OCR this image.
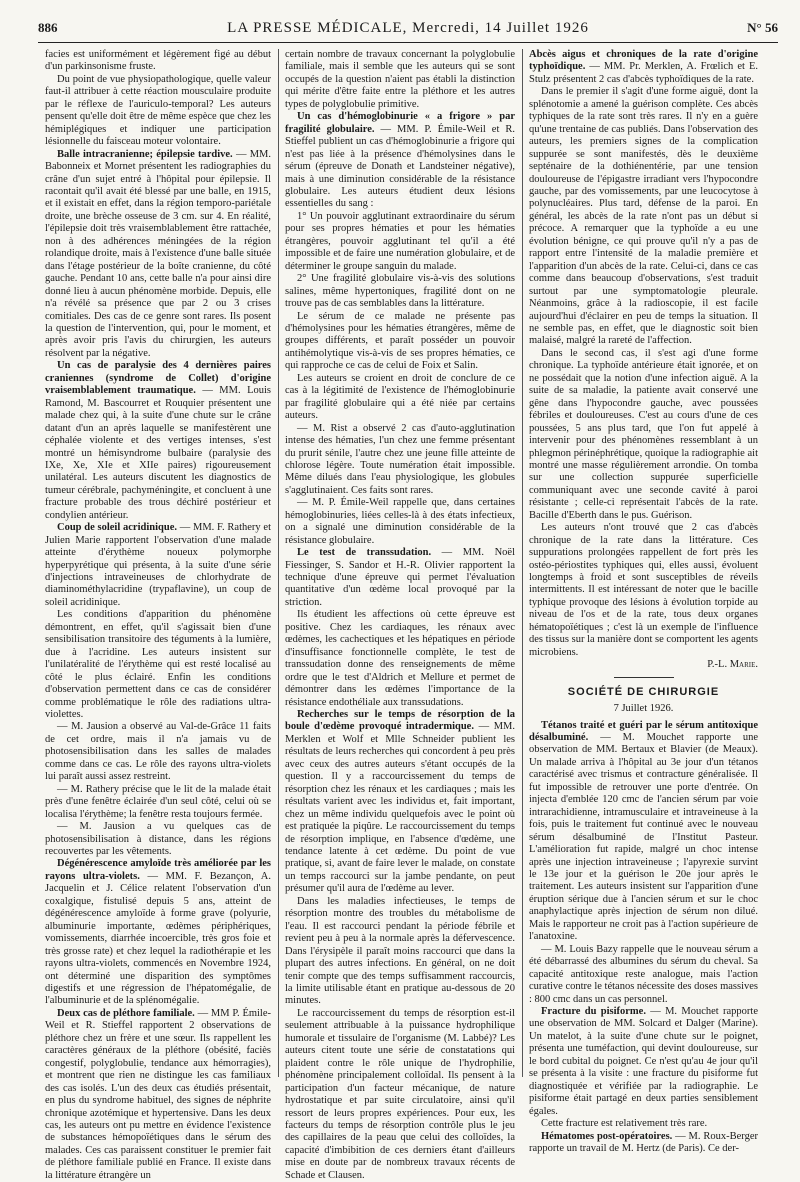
886	LA PRESSE MÉDICALE, Mercredi, 14 Juillet 1926	N° 56

facies est uniformément et légèrement figé au début d'un parkinsonisme fruste.

Du point de vue physiopathologique, quelle valeur faut-il attribuer à cette réaction mousculaire produite par le réflexe de l'auriculo-temporal? Les auteurs pensent qu'elle doit être de même espèce que chez les hémiplégiques et indiquer une participation lésionnelle du faisceau moteur volontaire.

Balle intracranienne; épilepsie tardive. — MM. Babonneix et Mornet présentent les radiographies du crâne d'un sujet entré à l'hôpital pour épilepsie. Il racontait qu'il avait été blessé par une balle, en 1915, et il existait en effet, dans la région temporo-pariétale droite, une brèche osseuse de 3 cm. sur 4. En réalité, l'épilepsie doit très vraisemblablement être rattachée, non à des adhérences méningées de la région rolandique droite, mais à l'existence d'une balle située dans l'étage postérieur de la boîte cranienne, du côté gauche. Pendant 10 ans, cette balle n'a pour ainsi dire donné lieu à aucun phénomène morbide. Depuis, elle n'a révélé sa présence que par 2 ou 3 crises comitiales. Des cas de ce genre sont rares. Ils posent la question de l'intervention, qui, pour le moment, et après avoir pris l'avis du chirurgien, les auteurs résolvent par la négative.

Un cas de paralysie des 4 dernières paires craniennes (syndrome de Collet) d'origine vraisemblablement traumatique. — MM. Louis Ramond, M. Bascourret et Rouquier présentent une malade chez qui, à la suite d'une chute sur le crâne datant d'un an après laquelle se manifestèrent une céphalée violente et des vertiges intenses, s'est montré un hémisyndrome bulbaire (paralysie des IXe, Xe, XIe et XIIe paires) rigoureusement unilatéral. Les auteurs discutent les diagnostics de tumeur cérébrale, pachyméningite, et concluent à une fracture probable des trous déchiré postérieur et condylien antérieur.

Coup de soleil acridinique. — MM. F. Rathery et Julien Marie rapportent l'observation d'une malade atteinte d'érythème noueux polymorphe hyperpyrétique qui présenta, à la suite d'une série d'injections intraveineuses de chlorhydrate de diaminométhylacridine (trypaflavine), un coup de soleil acridinique.

Les conditions d'apparition du phénomène démontrent, en effet, qu'il s'agissait bien d'une sensibilisation transitoire des téguments à la lumière, due à l'acridine. Les auteurs insistent sur l'unilatéralité de l'érythème qui est resté localisé au côté le plus éclairé. Enfin les conditions d'observation permettent dans ce cas de considérer comme problématique le rôle des radiations ultra-violettes.

— M. Jausion a observé au Val-de-Grâce 11 faits de cet ordre, mais il n'a jamais vu de photosensibilisation dans les salles de malades comme dans ce cas. Le rôle des rayons ultra-violets lui paraît aussi assez restreint.

— M. Rathery précise que le lit de la malade était près d'une fenêtre éclairée d'un seul côté, celui où se localisa l'érythème; la fenêtre resta toujours fermée.

— M. Jausion a vu quelques cas de photosensibilisation à distance, dans les régions recouvertes par les vêtements.

Dégénérescence amyloïde très améliorée par les rayons ultra-violets. — MM. F. Bezançon, A. Jacquelin et J. Célice relatent l'observation d'un coxalgique, fistulisé depuis 5 ans, atteint de dégénérescence amyloïde à forme grave (polyurie, albuminurie importante, œdèmes périphériques, vomissements, diarrhée incoercible, très gros foie et très grosse rate) et chez lequel la radiothérapie et les rayons ultra-violets, commencés en Novembre 1924, ont déterminé une disparition des symptômes digestifs et une régression de l'hépatomégalie, de l'albuminurie et de la splénomégalie.

Deux cas de pléthore familiale. — MM P. Émile-Weil et R. Stieffel rapportent 2 observations de pléthore chez un frère et une sœur. Ils rappellent les caractères généraux de la pléthore (obésité, faciès congestif, polyglobulie, tendance aux hémorragies), et montrent que rien ne distingue les cas familiaux des cas isolés. L'un des deux cas étudiés présentait, en plus du syndrome habituel, des signes de néphrite chronique azotémique et hypertensive. Dans les deux cas, les auteurs ont pu mettre en évidence l'existence de substances hémopoïétiques dans le sérum des malades. Ces cas paraissent constituer le premier fait de pléthore familiale publié en France. Il existe dans la littérature étrangère un

certain nombre de travaux concernant la polyglobulie familiale, mais il semble que les auteurs qui se sont occupés de la question n'aient pas établi la distinction qui mérite d'être faite entre la pléthore et les autres types de polyglobulie primitive.

Un cas d'hémoglobinurie « a frigore » par fragilité globulaire. — MM. P. Émile-Weil et R. Stieffel publient un cas d'hémoglobinurie a frigore qui n'est pas liée à la présence d'hémolysines dans le sérum (épreuve de Donath et Landsteiner négative), mais à une diminution considérable de la résistance globulaire. Les auteurs étudient deux lésions essentielles du sang :

1° Un pouvoir agglutinant extraordinaire du sérum pour ses propres hématies et pour les hématies étrangères, pouvoir agglutinant tel qu'il a été impossible et de faire une numération globulaire, et de déterminer le groupe sanguin du malade.

2° Une fragilité globulaire vis-à-vis des solutions salines, même hypertoniques, fragilité dont on ne trouve pas de cas semblables dans la littérature.

Le sérum de ce malade ne présente pas d'hémolysines pour les hématies étrangères, même de groupes différents, et paraît posséder un pouvoir antihémolytique vis-à-vis de ses propres hématies, ce qui rapproche ce cas de celui de Foix et Salin.

Les auteurs se croient en droit de conclure de ce cas à la légitimité de l'existence de l'hémoglobinurie par fragilité globulaire qui a été niée par certains auteurs.

— M. Rist a observé 2 cas d'auto-agglutination intense des hématies, l'un chez une femme présentant du prurit sénile, l'autre chez une jeune fille atteinte de chlorose légère. Toute numération était impossible. Même dilués dans l'eau physiologique, les globules s'agglutinaient. Ces faits sont rares.

— M. P. Émile-Weil rappelle que, dans certaines hémoglobinuries, liées celles-là à des états infectieux, on a signalé une diminution considérable de la résistance globulaire.

Le test de transsudation. — MM. Noël Fiessinger, S. Sandor et H.-R. Olivier rapportent la technique d'une épreuve qui permet l'évaluation quantitative d'un œdème local provoqué par la striction.

Ils étudient les affections où cette épreuve est positive. Chez les cardiaques, les rénaux avec œdèmes, les cachectiques et les hépatiques en période d'insuffisance fonctionnelle complète, le test de transsudation donne des renseignements de même ordre que le test d'Aldrich et Mellure et permet de démontrer dans les œdèmes l'importance de la résistance endothéliale aux transsudations.

Recherches sur le temps de résorption de la boule d'œdème provoqué intradermique. — MM. Merklen et Wolf et Mlle Schneider publient les résultats de leurs recherches qui concordent à peu près avec ceux des autres auteurs s'étant occupés de la question. Il y a raccourcissement du temps de résorption chez les rénaux et les cardiaques ; mais les résultats varient avec les individus et, fait important, chez un même individu quelquefois avec le point où est pratiquée la piqûre. Le raccourcissement du temps de résorption implique, en l'absence d'œdème, une tendance latente à cet œdème. Du point de vue pratique, si, avant de faire lever le malade, on constate un temps raccourci sur la jambe pendante, on peut présumer qu'il aura de l'œdème au lever.

Dans les maladies infectieuses, le temps de résorption montre des troubles du métabolisme de l'eau. Il est raccourci pendant la période fébrile et revient peu à peu à la normale après la défervescence. Dans l'érysipèle il paraît moins raccourci que dans la plupart des autres infections. En général, on ne doit tenir compte que des temps suffisamment raccourcis, la limite utilisable étant en pratique au-dessous de 20 minutes.

Le raccourcissement du temps de résorption est-il seulement attribuable à la puissance hydrophilique humorale et tissulaire de l'organisme (M. Labbé)? Les auteurs citent toute une série de constatations qui plaident contre le rôle unique de l'hydrophilie, phénomène principalement colloïdal. Ils pensent à la participation d'un facteur mécanique, de nature hydrostatique et par suite circulatoire, ainsi qu'il ressort de leurs propres expériences. Pour eux, les facteurs du temps de résorption contrôle plus le jeu des capillaires de la peau que celui des colloïdes, la capacité d'imbibition de ces derniers étant d'ailleurs mise en doute par de nombreux travaux récents de Schade et Clausen.

Abcès aigus et chroniques de la rate d'origine typhoïdique. — MM. Pr. Merklen, A. Frœlich et E. Stulz présentent 2 cas d'abcès typhoïdiques de la rate.

Dans le premier il s'agit d'une forme aiguë, dont la splénotomie a amené la guérison complète. Ces abcès typhiques de la rate sont très rares. Il n'y en a guère qu'une trentaine de cas publiés. Dans l'observation des auteurs, les premiers signes de la complication suppurée se sont manifestés, dès le deuxième septénaire de la dothiénentérie, par une tension douloureuse de l'épigastre irradiant vers l'hypocondre gauche, par des vomissements, par une leucocytose à polynucléaires. Plus tard, défense de la paroi. En général, les abcès de la rate n'ont pas un début si précoce. A remarquer que la typhoïde a eu une évolution bénigne, ce qui prouve qu'il n'y a pas de rapport entre l'intensité de la maladie première et l'apparition d'un abcès de la rate. Celui-ci, dans ce cas comme dans beaucoup d'observations, s'est traduit surtout par une symptomatologie pleurale. Néanmoins, grâce à la radioscopie, il est facile aujourd'hui d'éclairer en peu de temps la situation. Il ne semble pas, en effet, que le diagnostic soit bien malaisé, malgré la rareté de l'affection.

Dans le second cas, il s'est agi d'une forme chronique. La typhoïde antérieure était ignorée, et on ne possédait que la notion d'une infection aiguë. A la suite de sa maladie, la patiente avait conservé une gêne dans l'hypocondre gauche, avec poussées fébriles et douloureuses. C'est au cours d'une de ces poussées, 5 ans plus tard, que l'on fut appelé à intervenir pour des phénomènes ressemblant à un phlegmon périnéphrétique, quoique la radiographie ait montré une masse régulièrement arrondie. On tomba sur une collection suppurée superficielle communiquant avec une seconde cavité à paroi résistante ; celle-ci représentait l'abcès de la rate. Bacille d'Eberth dans le pus. Guérison.

Les auteurs n'ont trouvé que 2 cas d'abcès chronique de la rate dans la littérature. Ces suppurations prolongées rappellent de fort près les ostéo-périostites typhiques qui, elles aussi, évoluent longtemps à froid et sont susceptibles de réveils intermittents. Il est intéressant de noter que le bacille typhique provoque des lésions à évolution torpide au niveau de l'os et de la rate, tous deux organes hématopoïétiques ; c'est là un exemple de l'influence des tissus sur la manière dont se comportent les agents microbiens.

P.-L. Marie.

SOCIÉTÉ DE CHIRURGIE
7 Juillet 1926.

Tétanos traité et guéri par le sérum antitoxique désalbuminé. — M. Mouchet rapporte une observation de MM. Bertaux et Blavier (de Meaux). Un malade arriva à l'hôpital au 3e jour d'un tétanos caractérisé avec trismus et contracture généralisée. Il fut impossible de retrouver une porte d'entrée. On injecta d'emblée 120 cmc de l'ancien sérum par voie intrarachidienne, intramusculaire et intraveineuse à la fois, puis le traitement fut continué avec le nouveau sérum désalbuminé de l'Institut Pasteur. L'amélioration fut rapide, malgré un choc intense après une injection intraveineuse ; l'apyrexie survint le 13e jour et la guérison le 20e jour après le traitement. Les auteurs insistent sur l'apparition d'une éruption sérique due à l'ancien sérum et sur le choc anaphylactique après injection de sérum non dilué. Mais le rapporteur ne croit pas à l'action supérieure de l'anatoxine.

— M. Louis Bazy rappelle que le nouveau sérum a été débarrassé des albumines du sérum du cheval. Sa capacité antitoxique reste analogue, mais l'action curative contre le tétanos nécessite des doses massives : 800 cmc dans un cas personnel.

Fracture du pisiforme. — M. Mouchet rapporte une observation de MM. Solcard et Dalger (Marine). Un matelot, à la suite d'une chute sur le poignet, présenta une tuméfaction, qui devint douloureuse, sur le bord cubital du poignet. Ce n'est qu'au 4e jour qu'il se présenta à la visite : une fracture du pisiforme fut diagnostiquée et vérifiée par la radiographie. Le pisiforme était partagé en deux parties sensiblement égales.

Cette fracture est relativement très rare.

Hématomes post-opératoires. — M. Roux-Berger rapporte un travail de M. Hertz (de Paris). Ce der-
